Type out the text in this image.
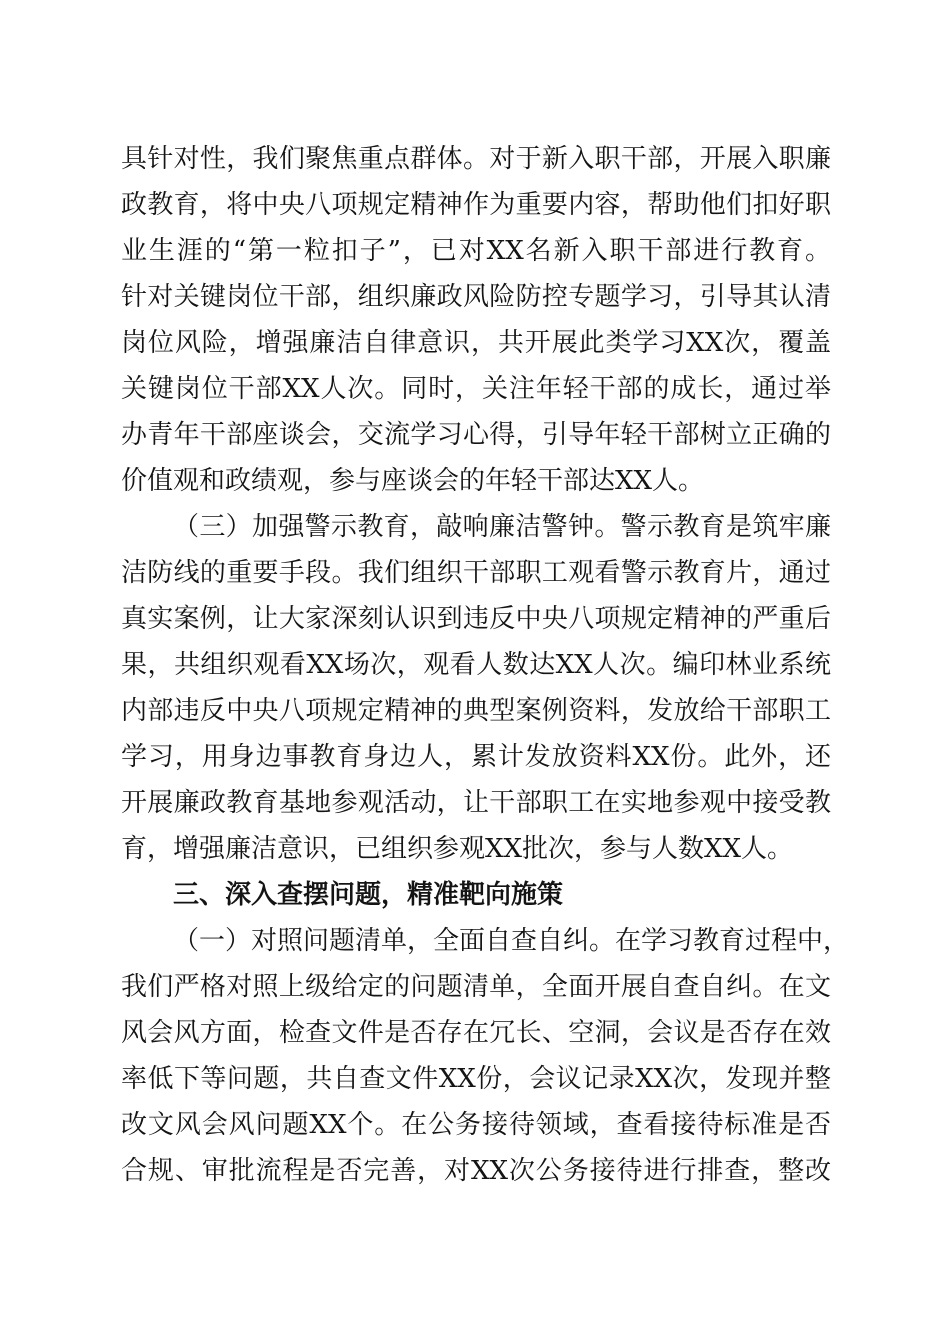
具针对性，我们聚焦重点群体。对于新入职干部，开展入职廉
政教育，将中央八项规定精神作为重要内容，帮助他们扣好职
业生涯的“第一粒扣子”，已对XX名新入职干部进行教育。
针对关键岗位干部，组织廉政风险防控专题学习，引导其认清
岗位风险，增强廉洁自律意识，共开展此类学习XX次，覆盖
关键岗位干部XX人次。同时，关注年轻干部的成长，通过举
办青年干部座谈会，交流学习心得，引导年轻干部树立正确的
价值观和政绩观，参与座谈会的年轻干部达XX人。
（三）加强警示教育，敲响廉洁警钟。警示教育是筑牢廉
洁防线的重要手段。我们组织干部职工观看警示教育片，通过
真实案例，让大家深刻认识到违反中央八项规定精神的严重后
果，共组织观看XX场次，观看人数达XX人次。编印林业系统
内部违反中央八项规定精神的典型案例资料，发放给干部职工
学习，用身边事教育身边人，累计发放资料XX份。此外，还
开展廉政教育基地参观活动，让干部职工在实地参观中接受教
育，增强廉洁意识，已组织参观XX批次，参与人数XX人。
三、深入查摆问题，精准靶向施策
（一）对照问题清单，全面自查自纠。在学习教育过程中，
我们严格对照上级给定的问题清单，全面开展自查自纠。在文
风会风方面，检查文件是否存在冗长、空洞，会议是否存在效
率低下等问题，共自查文件XX份，会议记录XX次，发现并整
改文风会风问题XX个。在公务接待领域，查看接待标准是否
合规、审批流程是否完善，对XX次公务接待进行排查，整改
